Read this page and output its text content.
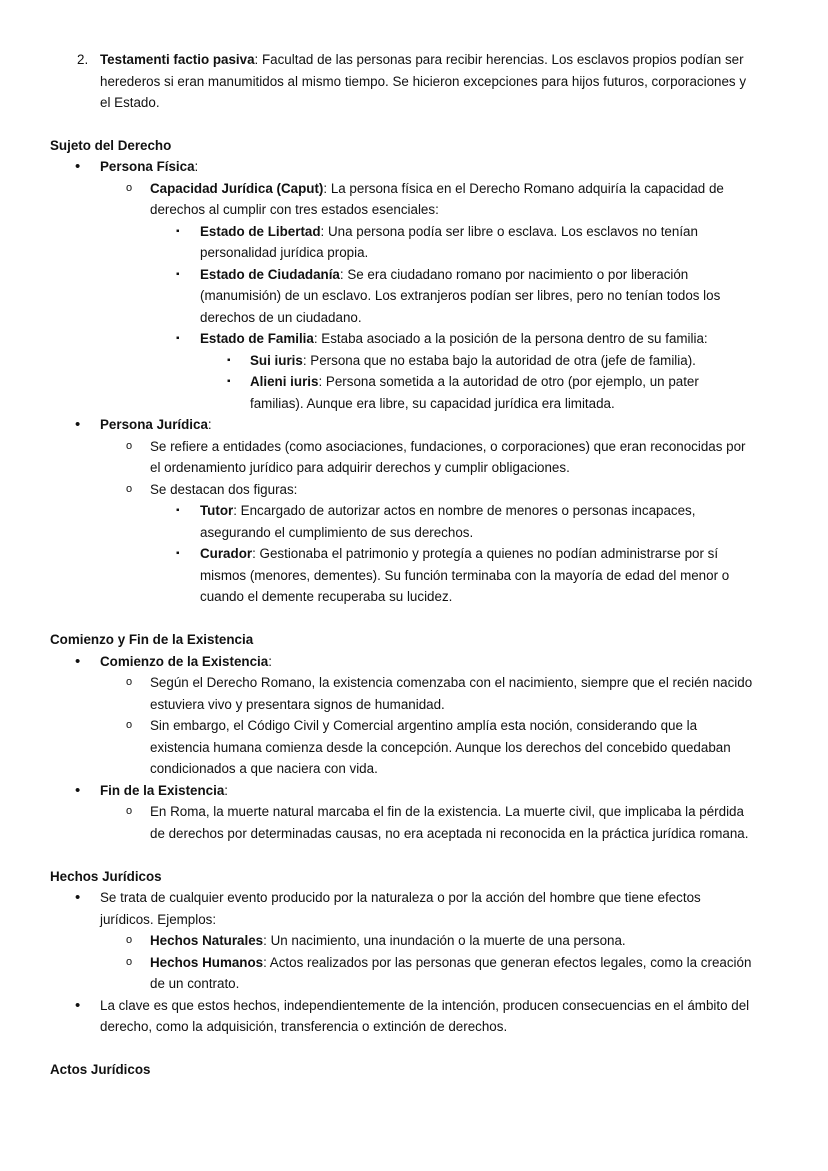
2. Testamenti factio pasiva: Facultad de las personas para recibir herencias. Los esclavos propios podían ser
herederos si eran manumitidos al mismo tiempo. Se hicieron excepciones para hijos futuros, corporaciones y
el Estado.
Sujeto del Derecho
• Persona Física:
o Capacidad Jurídica (Caput): La persona física en el Derecho Romano adquiría la capacidad de
derechos al cumplir con tres estados esenciales:
▪ Estado de Libertad: Una persona podía ser libre o esclava. Los esclavos no tenían
personalidad jurídica propia.
▪ Estado de Ciudadanía: Se era ciudadano romano por nacimiento o por liberación
(manumisión) de un esclavo. Los extranjeros podían ser libres, pero no tenían todos los
derechos de un ciudadano.
▪ Estado de Familia: Estaba asociado a la posición de la persona dentro de su familia:
▪ Sui iuris: Persona que no estaba bajo la autoridad de otra (jefe de familia).
▪ Alieni iuris: Persona sometida a la autoridad de otro (por ejemplo, un pater
familias). Aunque era libre, su capacidad jurídica era limitada.
• Persona Jurídica:
o Se refiere a entidades (como asociaciones, fundaciones, o corporaciones) que eran reconocidas por
el ordenamiento jurídico para adquirir derechos y cumplir obligaciones.
o Se destacan dos figuras:
▪ Tutor: Encargado de autorizar actos en nombre de menores o personas incapaces,
asegurando el cumplimiento de sus derechos.
▪ Curador: Gestionaba el patrimonio y protegía a quienes no podían administrarse por sí
mismos (menores, dementes). Su función terminaba con la mayoría de edad del menor o
cuando el demente recuperaba su lucidez.
Comienzo y Fin de la Existencia
• Comienzo de la Existencia:
o Según el Derecho Romano, la existencia comenzaba con el nacimiento, siempre que el recién nacido
estuviera vivo y presentara signos de humanidad.
o Sin embargo, el Código Civil y Comercial argentino amplía esta noción, considerando que la
existencia humana comienza desde la concepción. Aunque los derechos del concebido quedaban
condicionados a que naciera con vida.
• Fin de la Existencia:
o En Roma, la muerte natural marcaba el fin de la existencia. La muerte civil, que implicaba la pérdida
de derechos por determinadas causas, no era aceptada ni reconocida en la práctica jurídica romana.
Hechos Jurídicos
• Se trata de cualquier evento producido por la naturaleza o por la acción del hombre que tiene efectos
jurídicos. Ejemplos:
o Hechos Naturales: Un nacimiento, una inundación o la muerte de una persona.
o Hechos Humanos: Actos realizados por las personas que generan efectos legales, como la creación
de un contrato.
• La clave es que estos hechos, independientemente de la intención, producen consecuencias en el ámbito del
derecho, como la adquisición, transferencia o extinción de derechos.
Actos Jurídicos
